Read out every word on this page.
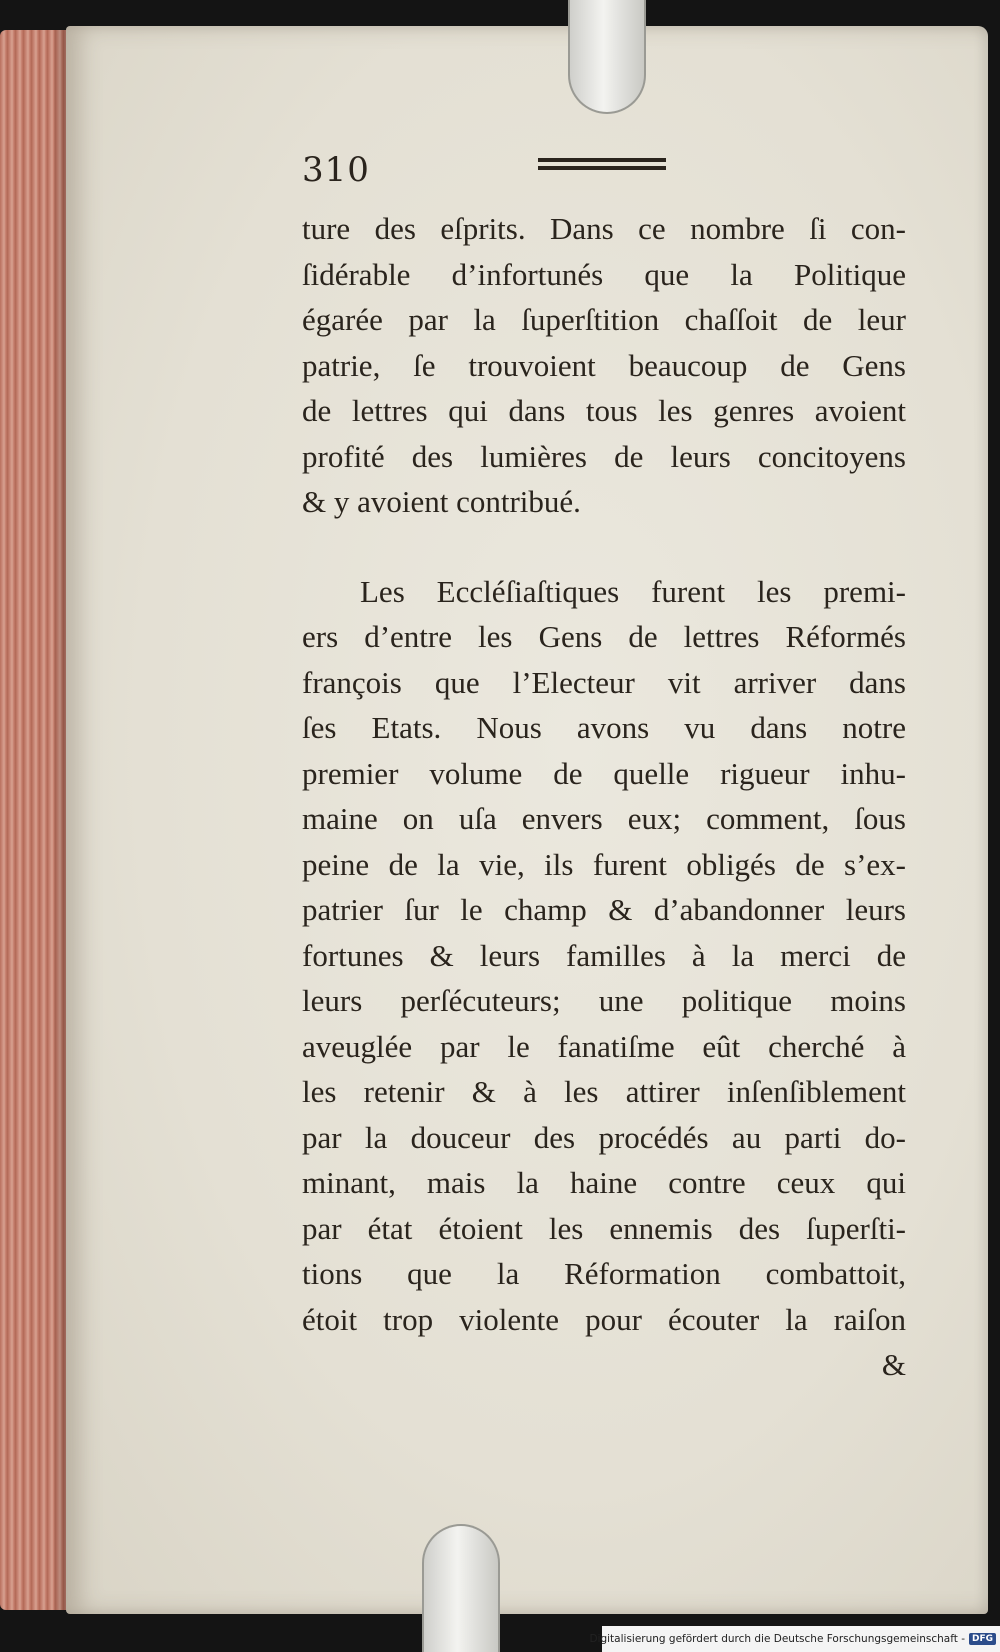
310
ture des eſprits. Dans ce nombre ſi con-
ſidérable d’infortunés que la Politique
égarée par la ſuperſtition chaſſoit de leur
patrie, ſe trouvoient beaucoup de Gens
de lettres qui dans tous les genres avoient
profité des lumières de leurs concitoyens
& y avoient contribué.
Les Eccléſiaſtiques furent les premi-
ers d’entre les Gens de lettres Réformés
françois que l’Electeur vit arriver dans
ſes Etats. Nous avons vu dans notre
premier volume de quelle rigueur inhu-
maine on uſa envers eux; comment, ſous
peine de la vie, ils furent obligés de s’ex-
patrier ſur le champ & d’abandonner leurs
fortunes & leurs familles à la merci de
leurs perſécuteurs; une politique moins
aveuglée par le fanatiſme eût cherché à
les retenir & à les attirer inſenſiblement
par la douceur des procédés au parti do-
minant, mais la haine contre ceux qui
par état étoient les ennemis des ſuperſti-
tions que la Réformation combattoit,
étoit trop violente pour écouter la raiſon
&
Digitalisierung gefördert durch die Deutsche Forschungsgemeinschaft - DFG
